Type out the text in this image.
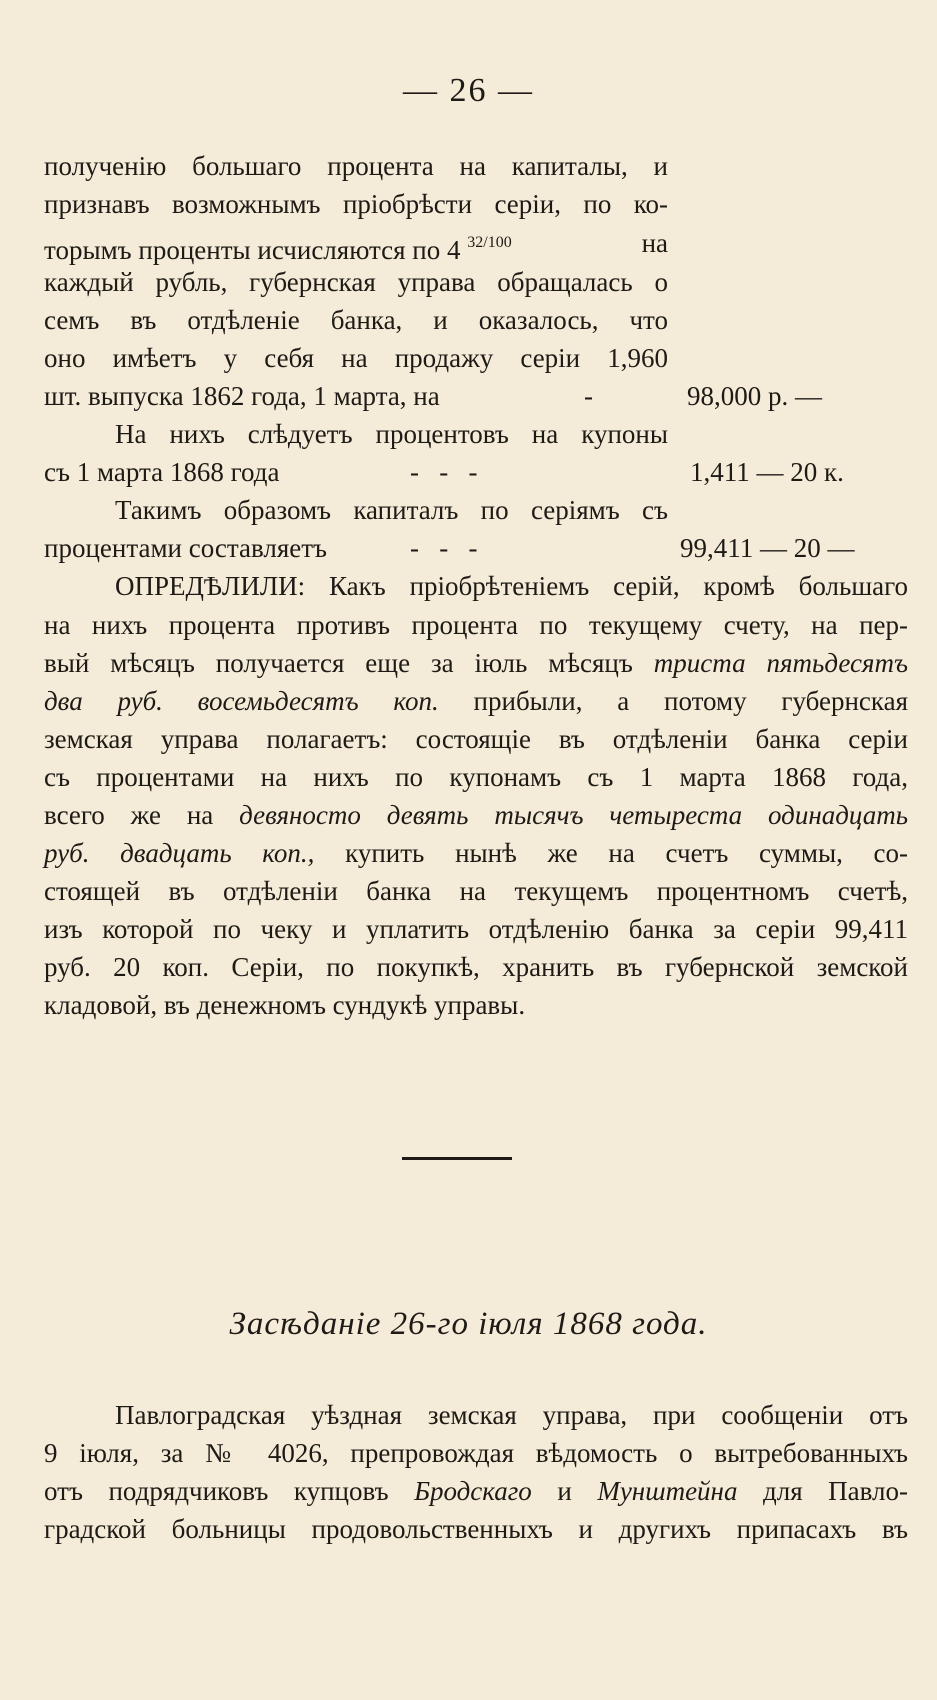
— 26 —
полученію большаго процента на капиталы, и
признавъ возможнымъ пріобрѣсти серіи, по ко-
торымъ проценты исчисляются по 4 $^{32/100}$	на
каждый рубль, губернская управа обращалась о
семъ въ отдѣленіе банка, и оказалось, что
оно имѣетъ у себя на продажу серіи 1,960
шт. выпуска 1862 года, 1 марта, на	-	98,000 р. —
На нихъ слѣдуетъ процентовъ на купоны
съ 1 марта 1868 года	-   -   -	1,411 — 20 к.
Такимъ образомъ капиталъ по серіямъ съ
процентами составляетъ	-   -   -	99,411 — 20 —
ОПРЕДѢЛИЛИ: Какъ пріобрѣтеніемъ серій, кромѣ большаго
на нихъ процента противъ процента по текущему счету, на пер-
вый мѣсяцъ получается еще за іюль мѣсяцъ триста пятьдесятъ
два руб. восемьдесятъ коп. прибыли, а потому губернская
земская управа полагаетъ: состоящіе въ отдѣленіи банка серіи
съ процентами на нихъ по купонамъ съ 1 марта 1868 года,
всего же на девяносто девять тысячъ четыреста одинадцать
руб. двадцать коп., купить нынѣ же на счетъ суммы, со-
стоящей въ отдѣленіи банка на текущемъ процентномъ счетѣ,
изъ которой по чеку и уплатить отдѣленію банка за серіи 99,411
руб. 20 коп. Серіи, по покупкѣ, хранить въ губернской земской
кладовой, въ денежномъ сундукѣ управы.
Засѣданіе 26-го іюля 1868 года.
Павлоградская уѣздная земская управа, при сообщеніи отъ
9 іюля, за № 4026, препровождая вѣдомость о вытребованныхъ
отъ подрядчиковъ купцовъ Бродскаго и Мунштейна для Павло-
градской больницы продовольственныхъ и другихъ припасахъ въ
